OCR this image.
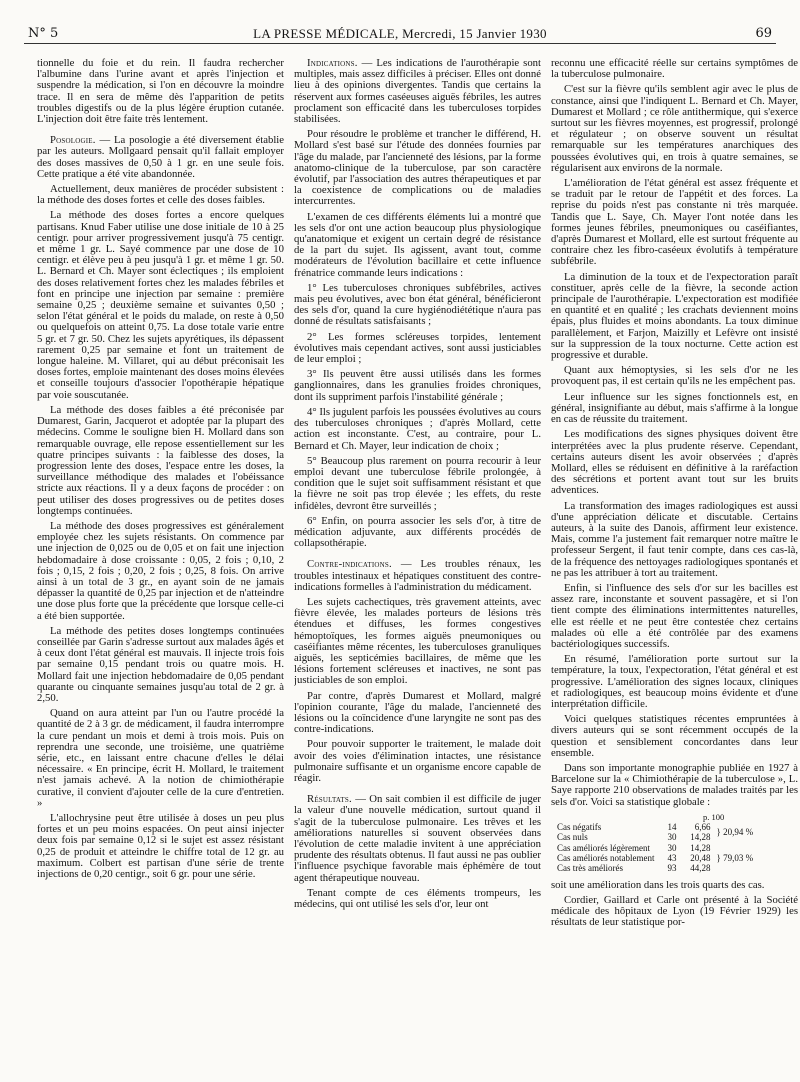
N° 5	LA PRESSE MÉDICALE, Mercredi, 15 Janvier 1930	69

tionnelle du foie et du rein. Il faudra rechercher l'albumine dans l'urine avant et après l'injection et suspendre la médication, si l'on en découvre la moindre trace. Il en sera de même dès l'apparition de petits troubles digestifs ou de la plus légère éruption cutanée. L'injection doit être faite très lentement.

Posologie. — La posologie a été diversement établie par les auteurs. Mollgaard pensait qu'il fallait employer des doses massives de 0,50 à 1 gr. en une seule fois. Cette pratique a été vite abandonnée.

Actuellement, deux manières de procéder subsistent : la méthode des doses fortes et celle des doses faibles.

La méthode des doses fortes a encore quelques partisans. Knud Faber utilise une dose initiale de 10 à 25 centigr. pour arriver progressivement jusqu'à 75 centigr. et même 1 gr. L. Sayé commence par une dose de 10 centigr. et élève peu à peu jusqu'à 1 gr. et même 1 gr. 50. L. Bernard et Ch. Mayer sont éclectiques ; ils emploient des doses relativement fortes chez les malades fébriles et font en principe une injection par semaine : première semaine 0,25 ; deuxième semaine et suivantes 0,50 ; selon l'état général et le poids du malade, on reste à 0,50 ou quelquefois on atteint 0,75. La dose totale varie entre 5 gr. et 7 gr. 50. Chez les sujets apyrétiques, ils dépassent rarement 0,25 par semaine et font un traitement de longue haleine. M. Villaret, qui au début préconisait les doses fortes, emploie maintenant des doses moins élevées et conseille toujours d'associer l'opothérapie hépatique par voie souscutanée.

La méthode des doses faibles a été préconisée par Dumarest, Garin, Jacquerot et adoptée par la plupart des médecins. Comme le souligne bien H. Mollard dans son remarquable ouvrage, elle repose essentiellement sur les quatre principes suivants : la faiblesse des doses, la progression lente des doses, l'espace entre les doses, la surveillance méthodique des malades et l'obéissance stricte aux réactions. Il y a deux façons de procéder : on peut utiliser des doses progressives ou de petites doses longtemps continuées.

La méthode des doses progressives est généralement employée chez les sujets résistants. On commence par une injection de 0,025 ou de 0,05 et on fait une injection hebdomadaire à dose croissante : 0,05, 2 fois ; 0,10, 2 fois ; 0,15, 2 fois ; 0,20, 2 fois ; 0,25, 8 fois. On arrive ainsi à un total de 3 gr., en ayant soin de ne jamais dépasser la quantité de 0,25 par injection et de n'atteindre une dose plus forte que la précédente que lorsque celle-ci a été bien supportée.

La méthode des petites doses longtemps continuées conseillée par Garin s'adresse surtout aux malades âgés et à ceux dont l'état général est mauvais. Il injecte trois fois par semaine 0,15 pendant trois ou quatre mois. H. Mollard fait une injection hebdomadaire de 0,05 pendant quarante ou cinquante semaines jusqu'au total de 2 gr. à 2,50.

Quand on aura atteint par l'un ou l'autre procédé la quantité de 2 à 3 gr. de médicament, il faudra interrompre la cure pendant un mois et demi à trois mois. Puis on reprendra une seconde, une troisième, une quatrième série, etc., en laissant entre chacune d'elles le délai nécessaire. « En principe, écrit H. Mollard, le traitement n'est jamais achevé. A la notion de chimiothérapie curative, il convient d'ajouter celle de la cure d'entretien. »

L'allochrysine peut être utilisée à doses un peu plus fortes et un peu moins espacées. On peut ainsi injecter deux fois par semaine 0,12 si le sujet est assez résistant 0,25 de produit et atteindre le chiffre total de 12 gr. au maximum. Colbert est partisan d'une série de trente injections de 0,20 centigr., soit 6 gr. pour une série.

Indications. — Les indications de l'aurothérapie sont multiples, mais assez difficiles à préciser. Elles ont donné lieu à des opinions divergentes. Tandis que certains la réservent aux formes caséeuses aiguës fébriles, les autres proclament son efficacité dans les tuberculoses torpides stabilisées.

Pour résoudre le problème et trancher le différend, H. Mollard s'est basé sur l'étude des données fournies par l'âge du malade, par l'ancienneté des lésions, par la forme anatomo-clinique de la tuberculose, par son caractère évolutif, par l'association des autres thérapeutiques et par la coexistence de complications ou de maladies intercurrentes.

L'examen de ces différents éléments lui a montré que les sels d'or ont une action beaucoup plus physiologique qu'anatomique et exigent un certain degré de résistance de la part du sujet. Ils agissent, avant tout, comme modérateurs de l'évolution bacillaire et cette influence frénatrice commande leurs indications :

1° Les tuberculoses chroniques subfébriles, actives mais peu évolutives, avec bon état général, bénéficieront des sels d'or, quand la cure hygiénodiététique n'aura pas donné de résultats satisfaisants ;

2° Les formes scléreuses torpides, lentement évolutives mais cependant actives, sont aussi justiciables de leur emploi ;

3° Ils peuvent être aussi utilisés dans les formes ganglionnaires, dans les granulies froides chroniques, dont ils suppriment parfois l'instabilité générale ;

4° Ils jugulent parfois les poussées évolutives au cours des tuberculoses chroniques ; d'après Mollard, cette action est inconstante. C'est, au contraire, pour L. Bernard et Ch. Mayer, leur indication de choix ;

5° Beaucoup plus rarement on pourra recourir à leur emploi devant une tuberculose fébrile prolongée, à condition que le sujet soit suffisamment résistant et que la fièvre ne soit pas trop élevée ; les effets, du reste infidèles, devront être surveillés ;

6° Enfin, on pourra associer les sels d'or, à titre de médication adjuvante, aux différents procédés de collapsothérapie.

Contre-indications. — Les troubles rénaux, les troubles intestinaux et hépatiques constituent des contre-indications formelles à l'administration du médicament.

Les sujets cachectiques, très gravement atteints, avec fièvre élevée, les malades porteurs de lésions très étendues et diffuses, les formes congestives hémoptoïques, les formes aiguës pneumoniques ou caséifiantes même récentes, les tuberculoses granuliques aiguës, les septicémies bacillaires, de même que les lésions fortement scléreuses et inactives, ne sont pas justiciables de son emploi.

Par contre, d'après Dumarest et Mollard, malgré l'opinion courante, l'âge du malade, l'ancienneté des lésions ou la coïncidence d'une laryngite ne sont pas des contre-indications.

Pour pouvoir supporter le traitement, le malade doit avoir des voies d'élimination intactes, une résistance pulmonaire suffisante et un organisme encore capable de réagir.

Résultats. — On sait combien il est difficile de juger la valeur d'une nouvelle médication, surtout quand il s'agit de la tuberculose pulmonaire. Les trêves et les améliorations naturelles si souvent observées dans l'évolution de cette maladie invitent à une appréciation prudente des résultats obtenus. Il faut aussi ne pas oublier l'influence psychique favorable mais éphémère de tout agent thérapeutique nouveau.

Tenant compte de ces éléments trompeurs, les médecins, qui ont utilisé les sels d'or, leur ont

reconnu une efficacité réelle sur certains symptômes de la tuberculose pulmonaire.

C'est sur la fièvre qu'ils semblent agir avec le plus de constance, ainsi que l'indiquent L. Bernard et Ch. Mayer, Dumarest et Mollard ; ce rôle antithermique, qui s'exerce surtout sur les fièvres moyennes, est progressif, prolongé et régulateur ; on observe souvent un résultat remarquable sur les températures anarchiques des poussées évolutives qui, en trois à quatre semaines, se régularisent aux environs de la normale.

L'amélioration de l'état général est assez fréquente et se traduit par le retour de l'appétit et des forces. La reprise du poids n'est pas constante ni très marquée. Tandis que L. Saye, Ch. Mayer l'ont notée dans les formes jeunes fébriles, pneumoniques ou caséifiantes, d'après Dumarest et Mollard, elle est surtout fréquente au contraire chez les fibro-caséeux évolutifs à température subfébrile.

La diminution de la toux et de l'expectoration paraît constituer, après celle de la fièvre, la seconde action principale de l'aurothérapie. L'expectoration est modifiée en quantité et en qualité ; les crachats deviennent moins épais, plus fluides et moins abondants. La toux diminue parallèlement, et Farjon, Maizilly et Lefèvre ont insisté sur la suppression de la toux nocturne. Cette action est progressive et durable.

Quant aux hémoptysies, si les sels d'or ne les provoquent pas, il est certain qu'ils ne les empêchent pas.

Leur influence sur les signes fonctionnels est, en général, insignifiante au début, mais s'affirme à la longue en cas de réussite du traitement.

Les modifications des signes physiques doivent être interprétées avec la plus prudente réserve. Cependant, certains auteurs disent les avoir observées ; d'après Mollard, elles se réduisent en définitive à la raréfaction des sécrétions et portent avant tout sur les bruits adventices.

La transformation des images radiologiques est aussi d'une appréciation délicate et discutable. Certains auteurs, à la suite des Danois, affirment leur existence. Mais, comme l'a justement fait remarquer notre maître le professeur Sergent, il faut tenir compte, dans ces cas-là, de la fréquence des nettoyages radiologiques spontanés et ne pas les attribuer à tort au traitement.

Enfin, si l'influence des sels d'or sur les bacilles est assez rare, inconstante et souvent passagère, et si l'on tient compte des éliminations intermittentes naturelles, elle est réelle et ne peut être contestée chez certains malades où elle a été contrôlée par des examens bactériologiques successifs.

En résumé, l'amélioration porte surtout sur la température, la toux, l'expectoration, l'état général et est progressive. L'amélioration des signes locaux, cliniques et radiologiques, est beaucoup moins évidente et d'une interprétation difficile.

Voici quelques statistiques récentes empruntées à divers auteurs qui se sont récemment occupés de la question et sensiblement concordantes dans leur ensemble.

Dans son importante monographie publiée en 1927 à Barcelone sur la « Chimiothérapie de la tuberculose », L. Saye rapporte 210 observations de malades traités par les sels d'or. Voici sa statistique globale :

p. 100
Cas négatifs	14	6,66	} 20,94 %
Cas nuls	30	14,28	
Cas améliorés légèrement	30	14,28	} 79,03 %
Cas améliorés notablement	43	20,48	
Cas très améliorés	93	44,28	

soit une amélioration dans les trois quarts des cas.

Cordier, Gaillard et Carle ont présenté à la Société médicale des hôpitaux de Lyon (19 Février 1929) les résultats de leur statistique por-
